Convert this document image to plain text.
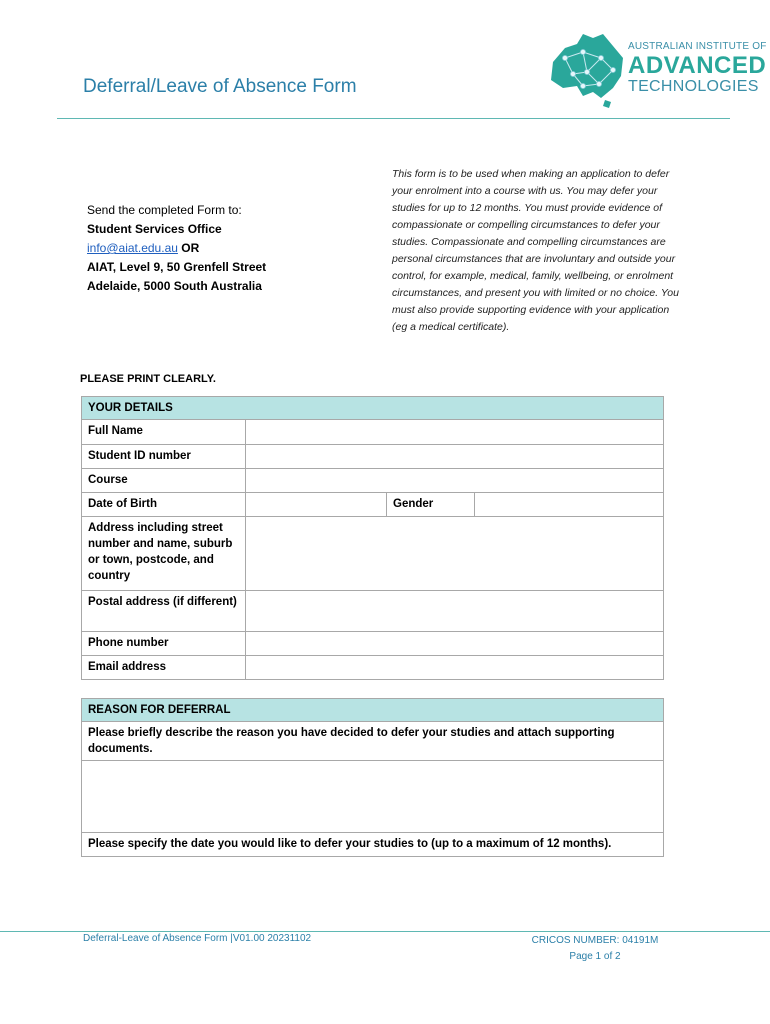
Deferral/Leave of Absence Form
AUSTRALIAN INSTITUTE OF
ADVANCED
TECHNOLOGIES
Send the completed Form to:
Student Services Office
info@aiat.edu.au OR
AIAT, Level 9, 50 Grenfell Street
Adelaide, 5000 South Australia
This form is to be used when making an application to defer your enrolment into a course with us. You may defer your studies for up to 12 months. You must provide evidence of compassionate or compelling circumstances to defer your studies. Compassionate and compelling circumstances are personal circumstances that are involuntary and outside your control, for example, medical, family, wellbeing, or enrolment circumstances, and present you with limited or no choice. You must also provide supporting evidence with your application (eg a medical certificate).
PLEASE PRINT CLEARLY.
YOUR DETAILS			
Full Name			
Student ID number			
Course			
Date of Birth		Gender	
Address including street number and name, suburb or town, postcode, and country			
Postal address (if different)			
Phone number			
Email address			
REASON FOR DEFERRAL
Please briefly describe the reason you have decided to defer your studies and attach supporting documents.

Please specify the date you would like to defer your studies to (up to a maximum of 12 months).
Deferral-Leave of Absence Form |V01.00 20231102	CRICOS NUMBER: 04191M
Page 1 of 2
